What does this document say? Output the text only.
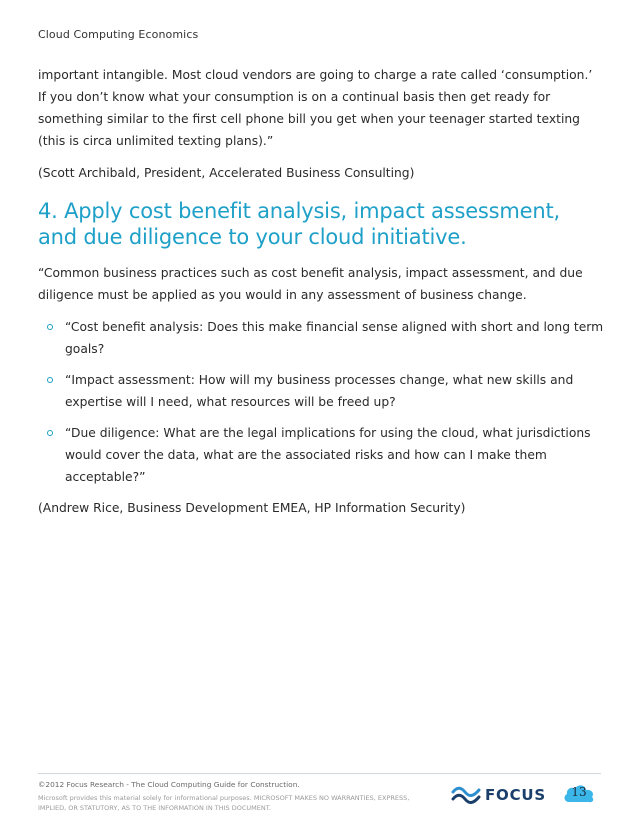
Cloud Computing Economics

important intangible. Most cloud vendors are going to charge a rate called ‘consumption.’ If you don’t know what your consumption is on a continual basis then get ready for something similar to the first cell phone bill you get when your teenager started texting (this is circa unlimited texting plans).”

(Scott Archibald, President, Accelerated Business Consulting)

4. Apply cost benefit analysis, impact assessment, and due diligence to your cloud initiative.

“Common business practices such as cost benefit analysis, impact assessment, and due diligence must be applied as you would in any assessment of business change.

“Cost benefit analysis: Does this make financial sense aligned with short and long term goals?
“Impact assessment: How will my business processes change, what new skills and expertise will I need, what resources will be freed up?
“Due diligence: What are the legal implications for using the cloud, what jurisdictions would cover the data, what are the associated risks and how can I make them acceptable?”

(Andrew Rice, Business Development EMEA, HP Information Security)

©2012 Focus Research - The Cloud Computing Guide for Construction.
Microsoft provides this material solely for informational purposes. MICROSOFT MAKES NO WARRANTIES, EXPRESS, IMPLIED, OR STATUTORY, AS TO THE INFORMATION IN THIS DOCUMENT.
FOCUS	13
